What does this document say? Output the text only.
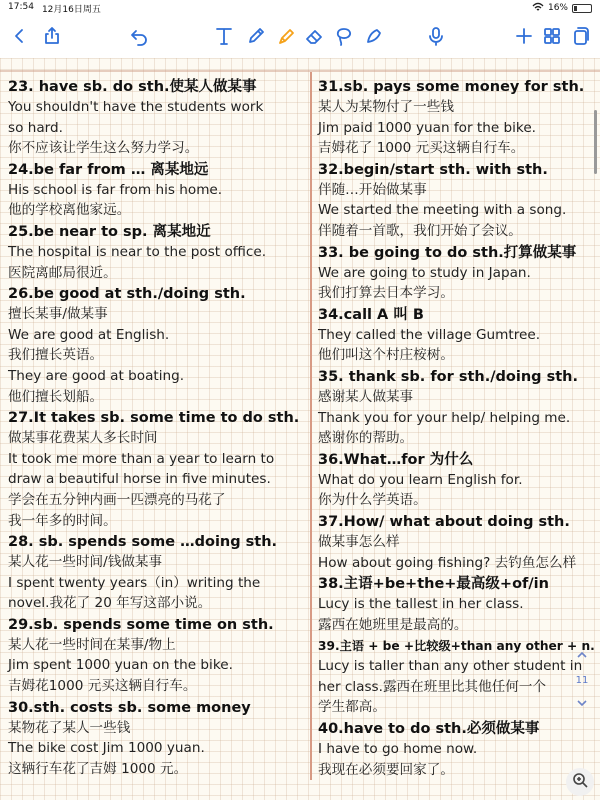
17:54 12月16日周五	16%
23. have sb. do sth.使某人做某事
You shouldn't have the students work
so hard.
你不应该让学生这么努力学习。
24.be far from … 离某地远
His school is far from his home.
他的学校离他家远。
25.be near to sp. 离某地近
The hospital is near to the post office.
医院离邮局很近。
26.be good at sth./doing sth.
擅长某事/做某事
We are good at English.
我们擅长英语。
They are good at boating.
他们擅长划船。
27.It takes sb. some time to do sth.
做某事花费某人多长时间
It took me more than a year to learn to
draw a beautiful horse in five minutes.
学会在五分钟内画一匹漂亮的马花了
我一年多的时间。
28. sb. spends some …doing sth.
某人花一些时间/钱做某事
I spent twenty years（in）writing the
novel.我花了 20 年写这部小说。
29.sb. spends some time on sth.
某人花一些时间在某事/物上
Jim spent 1000 yuan on the bike.
吉姆花1000 元买这辆自行车。
30.sth. costs sb. some money
某物花了某人一些钱
The bike cost Jim 1000 yuan.
这辆行车花了吉姆 1000 元。
31.sb. pays some money for sth.
某人为某物付了一些钱
Jim paid 1000 yuan for the bike.
吉姆花了 1000 元买这辆自行车。
32.begin/start sth. with sth.
伴随…开始做某事
We started the meeting with a song.
伴随着一首歌，我们开始了会议。
33. be going to do sth.打算做某事
We are going to study in Japan.
我们打算去日本学习。
34.call A 叫 B
They called the village Gumtree.
他们叫这个村庄桉树。
35. thank sb. for sth./doing sth.
感谢某人做某事
Thank you for your help/ helping me.
感谢你的帮助。
36.What…for 为什么
What do you learn English for.
你为什么学英语。
37.How/ what about doing sth.
做某事怎么样
How about going fishing? 去钓鱼怎么样
38.主语+be+the+最高级+of/in
Lucy is the tallest in her class.
露西在她班里是最高的。
39.主语 + be +比较级+than any other + n.
Lucy is taller than any other student in
her class.露西在班里比其他任何一个
学生都高。
40.have to do sth.必须做某事
I have to go home now.
我现在必须要回家了。
11
